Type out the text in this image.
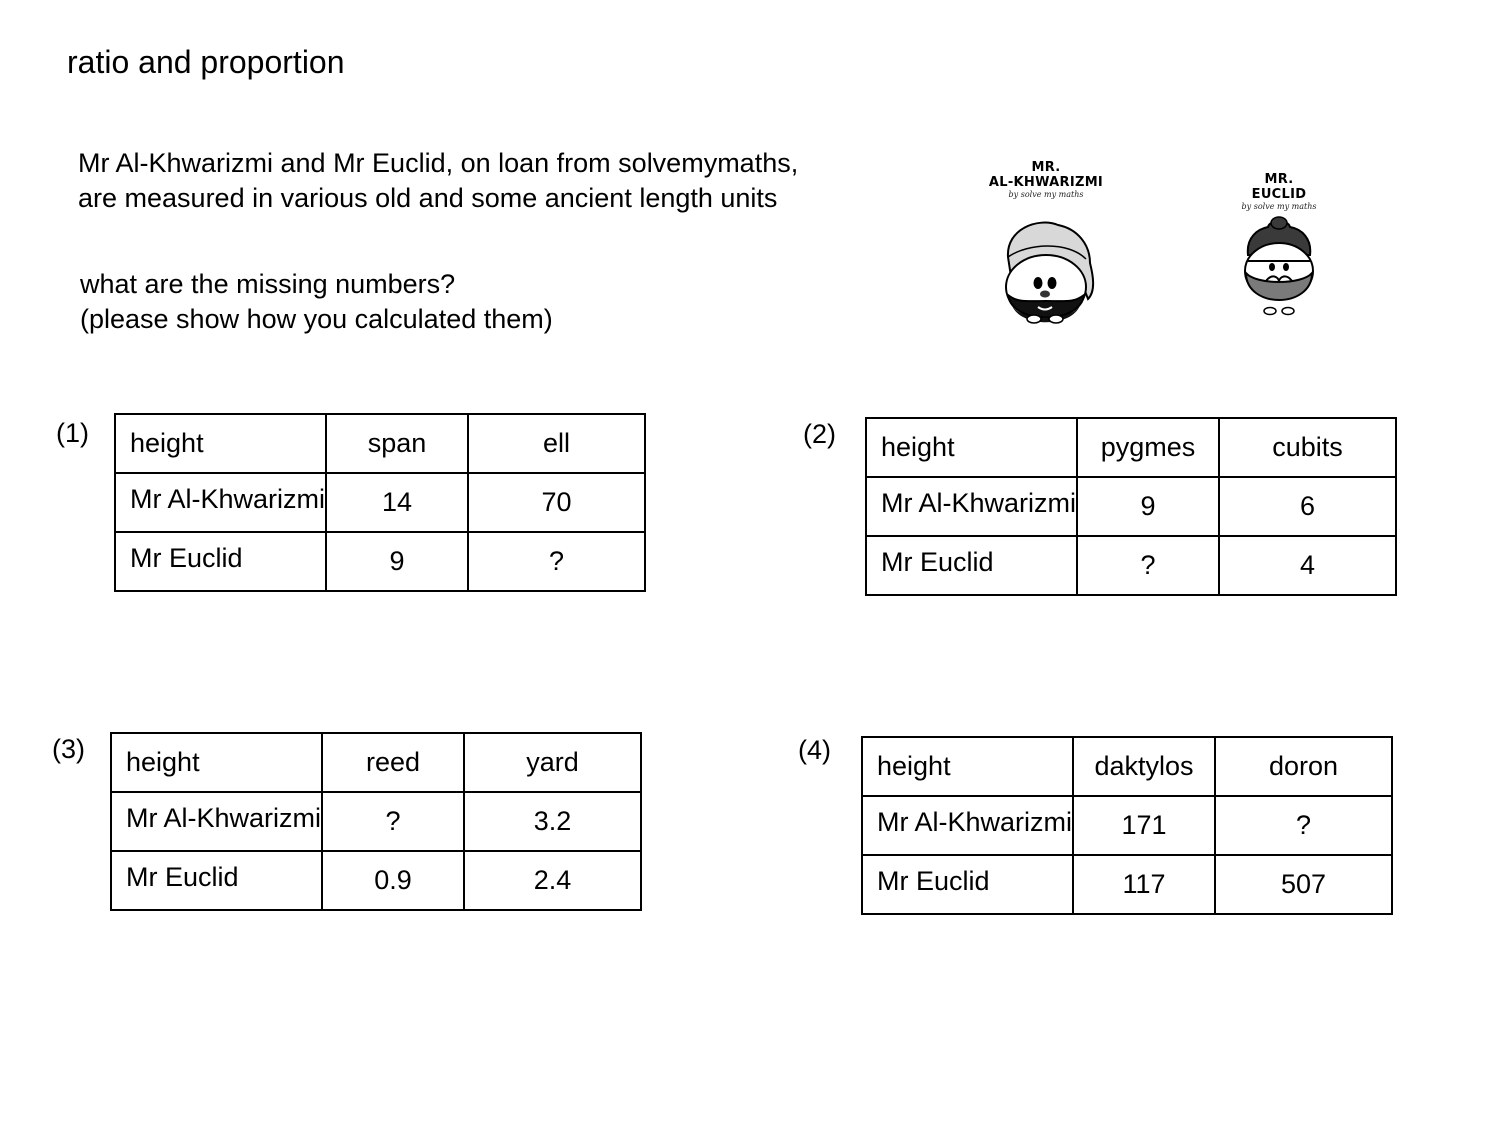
ratio and proportion
Mr Al-Khwarizmi and Mr Euclid, on loan from solvemymaths,
are measured in various old and some ancient length units
what are the missing numbers?
(please show how you calculated them)
MR.
AL-KHWARIZMI
by solve my maths
MR.
EUCLID
by solve my maths
(1) height	span	ell
Mr Al-Khwarizmi	14	70
Mr Euclid	9	?
(2) height	pygmes	cubits
Mr Al-Khwarizmi	9	6
Mr Euclid	?	4
(3) height	reed	yard
Mr Al-Khwarizmi	?	3.2
Mr Euclid	0.9	2.4
(4)
height	daktylos	doron
Mr Al-Khwarizmi	171	?
Mr Euclid	117	507
